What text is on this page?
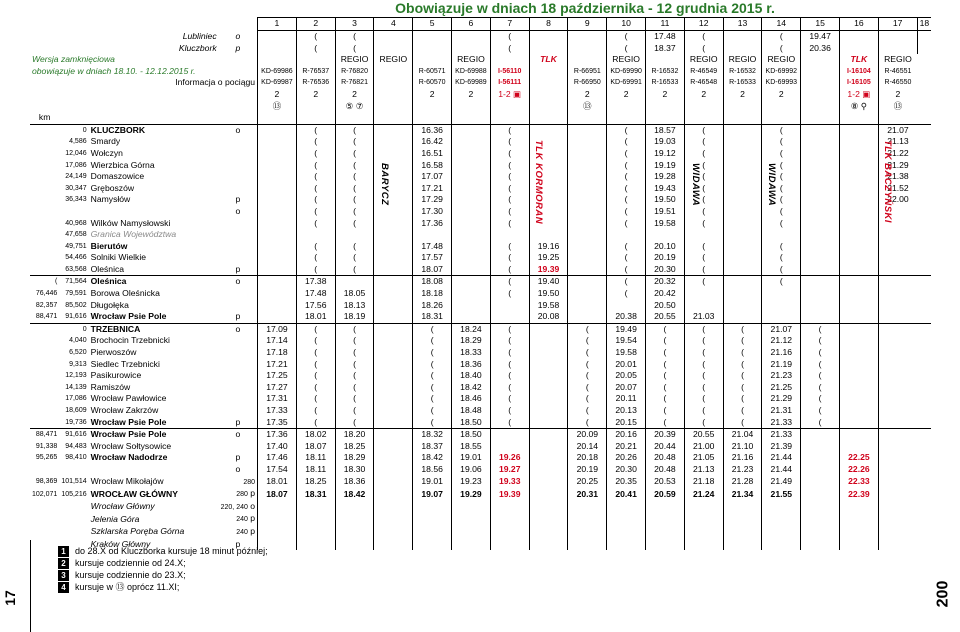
Obowiązuje w dniach 18 października - 12 grudnia 2015 r.
				1	2	3	4	5	6	7	8	9	10	11	12	13	14	15	16	17	18
Lubliniec			o		(	(				(			(	17.48	(		(	19.47			
Kluczbork			p		(	(				(			(	18.37	(		(	20.36			
Wersja zamknięciowa						REGIO	REGIO		REGIO		TLK		REGIO		REGIO	REGIO	REGIO		TLK	REGIO	
obowiązuje w dniach 18.10. - 12.12.2015 r.				KD-69986	R-76537	R-76820		R-60571	KD-69988	I-56110		R-66951	KD-69990	R-16532	R-46549	R-16532	KD-69992		I-16104	R-46551	
Informacja o pociągu				KD-69987	R-76536	R-76821		R-60570	KD-69989	I-56111		R-66950	KD-69991	R-16533	R-46548	R-16533	KD-69993		I-16105	R-46550	
				2	2	2		2	2	1-2 ▣		2	2	2	2	2	2		1-2 ▣	2	
				⑬		⑤ ⑦						⑬							⑧ ⚲	⑬	
km																					
	0	KLUCZBORK	o		(	(		16.36		(			(	18.57	(		(			21.07	
	4,586	Smardy			(	(		16.42		(			(	19.03	(		(			21.13	
	12,046	Wołczyn			(	(		16.51		(			(	19.12	(		(			21.22	
	17,086	Wierzbica Górna			(	(		16.58		(			(	19.19	(		(			21.29	
	24,149	Domaszowice			(	(		17.07		(			(	19.28	(		(			21.38	
	30,347	Gręboszów			(	(		17.21		(			(	19.43	(		(			21.52	
	36,343	Namysłów	p		(	(		17.29		(			(	19.50	(		(			22.00	
			o		(	(		17.30		(			(	19.51	(		(				
	40,968	Wilków Namysłowski			(	(		17.36		(			(	19.58	(		(				
	47,658	Granica Województwa																			
	49,751	Bierutów			(	(		17.48		(	19.16		(	20.10	(		(				
	54,466	Solniki Wielkie			(	(		17.57		(	19.25		(	20.19	(		(				
	63,568	Oleśnica	p		(	(		18.07		(	19.39		(	20.30	(		(				
(	71,564	Oleśnica	o		17.38			18.08		(	19.40		(	20.32	(		(				
76,446	79,591	Borowa Oleśnicka			17.48	18.05		18.18		(	19.50		(	20.42							
82,357	85,502	Długołęka			17.56	18.13		18.26			19.58			20.50							
88,471	91,616	Wrocław Psie Pole	p		18.01	18.19		18.31			20.08		20.38	20.55	21.03						
	0	TRZEBNICA	o	17.09	(	(		(	18.24	(		(	19.49	(	(	(	21.07	(			
	4,040	Brochocin Trzebnicki		17.14	(	(		(	18.29	(		(	19.54	(	(	(	21.12	(			
	6,520	Pierwoszów		17.18	(	(		(	18.33	(		(	19.58	(	(	(	21.16	(			
	9,313	Siedlec Trzebnicki		17.21	(	(		(	18.36	(		(	20.01	(	(	(	21.19	(			
	12,193	Pasikurowice		17.25	(	(		(	18.40	(		(	20.05	(	(	(	21.23	(			
	14,139	Ramiszów		17.27	(	(		(	18.42	(		(	20.07	(	(	(	21.25	(			
	17,086	Wrocław Pawłowice		17.31	(	(		(	18.46	(		(	20.11	(	(	(	21.29	(			
	18,609	Wrocław Zakrzów		17.33	(	(		(	18.48	(		(	20.13	(	(	(	21.31	(			
	19,736	Wrocław Psie Pole	p	17.35	(	(		(	18.50	(		(	20.15	(	(	(	21.33	(			
88,471	91,616	Wrocław Psie Pole	o	17.36	18.02	18.20		18.32	18.50			20.09	20.16	20.39	20.55	21.04	21.33				
91,338	94,483	Wrocław Sołtysowice		17.40	18.07	18.25		18.37	18.55			20.14	20.21	20.44	21.00	21.10	21.39				
95,265	98,410	Wrocław Nadodrze	p	17.46	18.11	18.29		18.42	19.01	19.26		20.18	20.26	20.48	21.05	21.16	21.44		22.25		
			o	17.54	18.11	18.30		18.56	19.06	19.27		20.19	20.30	20.48	21.13	21.23	21.44		22.26		
98,369	101,514	Wrocław Mikołajów	280	18.01	18.25	18.36		19.01	19.23	19.33		20.25	20.35	20.53	21.18	21.28	21.49		22.33		
102,071	105,216	WROCŁAW GŁÓWNY	280 p	18.07	18.31	18.42		19.07	19.29	19.39		20.31	20.41	20.59	21.24	21.34	21.55		22.39		
		Wrocław Główny	220, 240 o																		
		Jelenia Góra	240 p																		
		Szklarska Poręba Górna	240 p																		
		Kraków Główny	p																		
TLK KORMORAN
BARYCZ	WIDAWA	WIDAWA	TLK BACZYŃSKI
1 do 28.X od Kluczborka kursuje 18 minut później;
2 kursuje codziennie od 24.X;
3 kursuje codziennie do 23.X;
4 kursuje w ⑬ oprócz 11.XI;
17	200
